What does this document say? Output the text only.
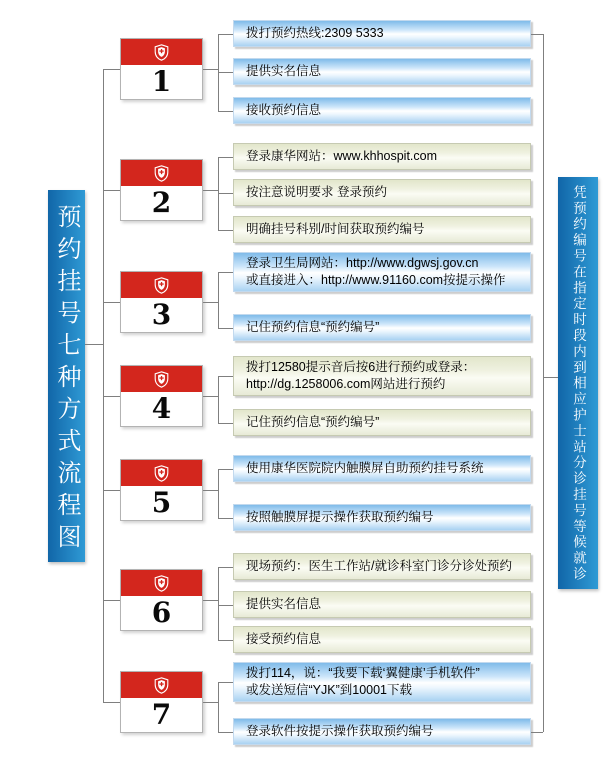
预约挂号七种方式流程图	凭预约编号在指定时段内到相应护士站分诊挂号等候就诊
1
拨打预约热线:2309 5333
提供实名信息
接收预约信息
2
登录康华网站：www.khhospit.com
按注意说明要求 登录预约
明确挂号科别/时间获取预约编号
3
登录卫生局网站：http://www.dgwsj.gov.cn
或直接进入：http://www.91160.com按提示操作
记住预约信息“预约编号”
4
拨打12580提示音后按6进行预约或登录：
http://dg.1258006.com网站进行预约
记住预约信息“预约编号”
5
使用康华医院院内触膜屏自助预约挂号系统
按照触膜屏提示操作获取预约编号
6
现场预约：医生工作站/就诊科室门诊分诊处预约
提供实名信息
接受预约信息
7
拨打114，说：“我要下载‘翼健康’手机软件”
或发送短信“YJK”到10001下载
登录软件按提示操作获取预约编号
